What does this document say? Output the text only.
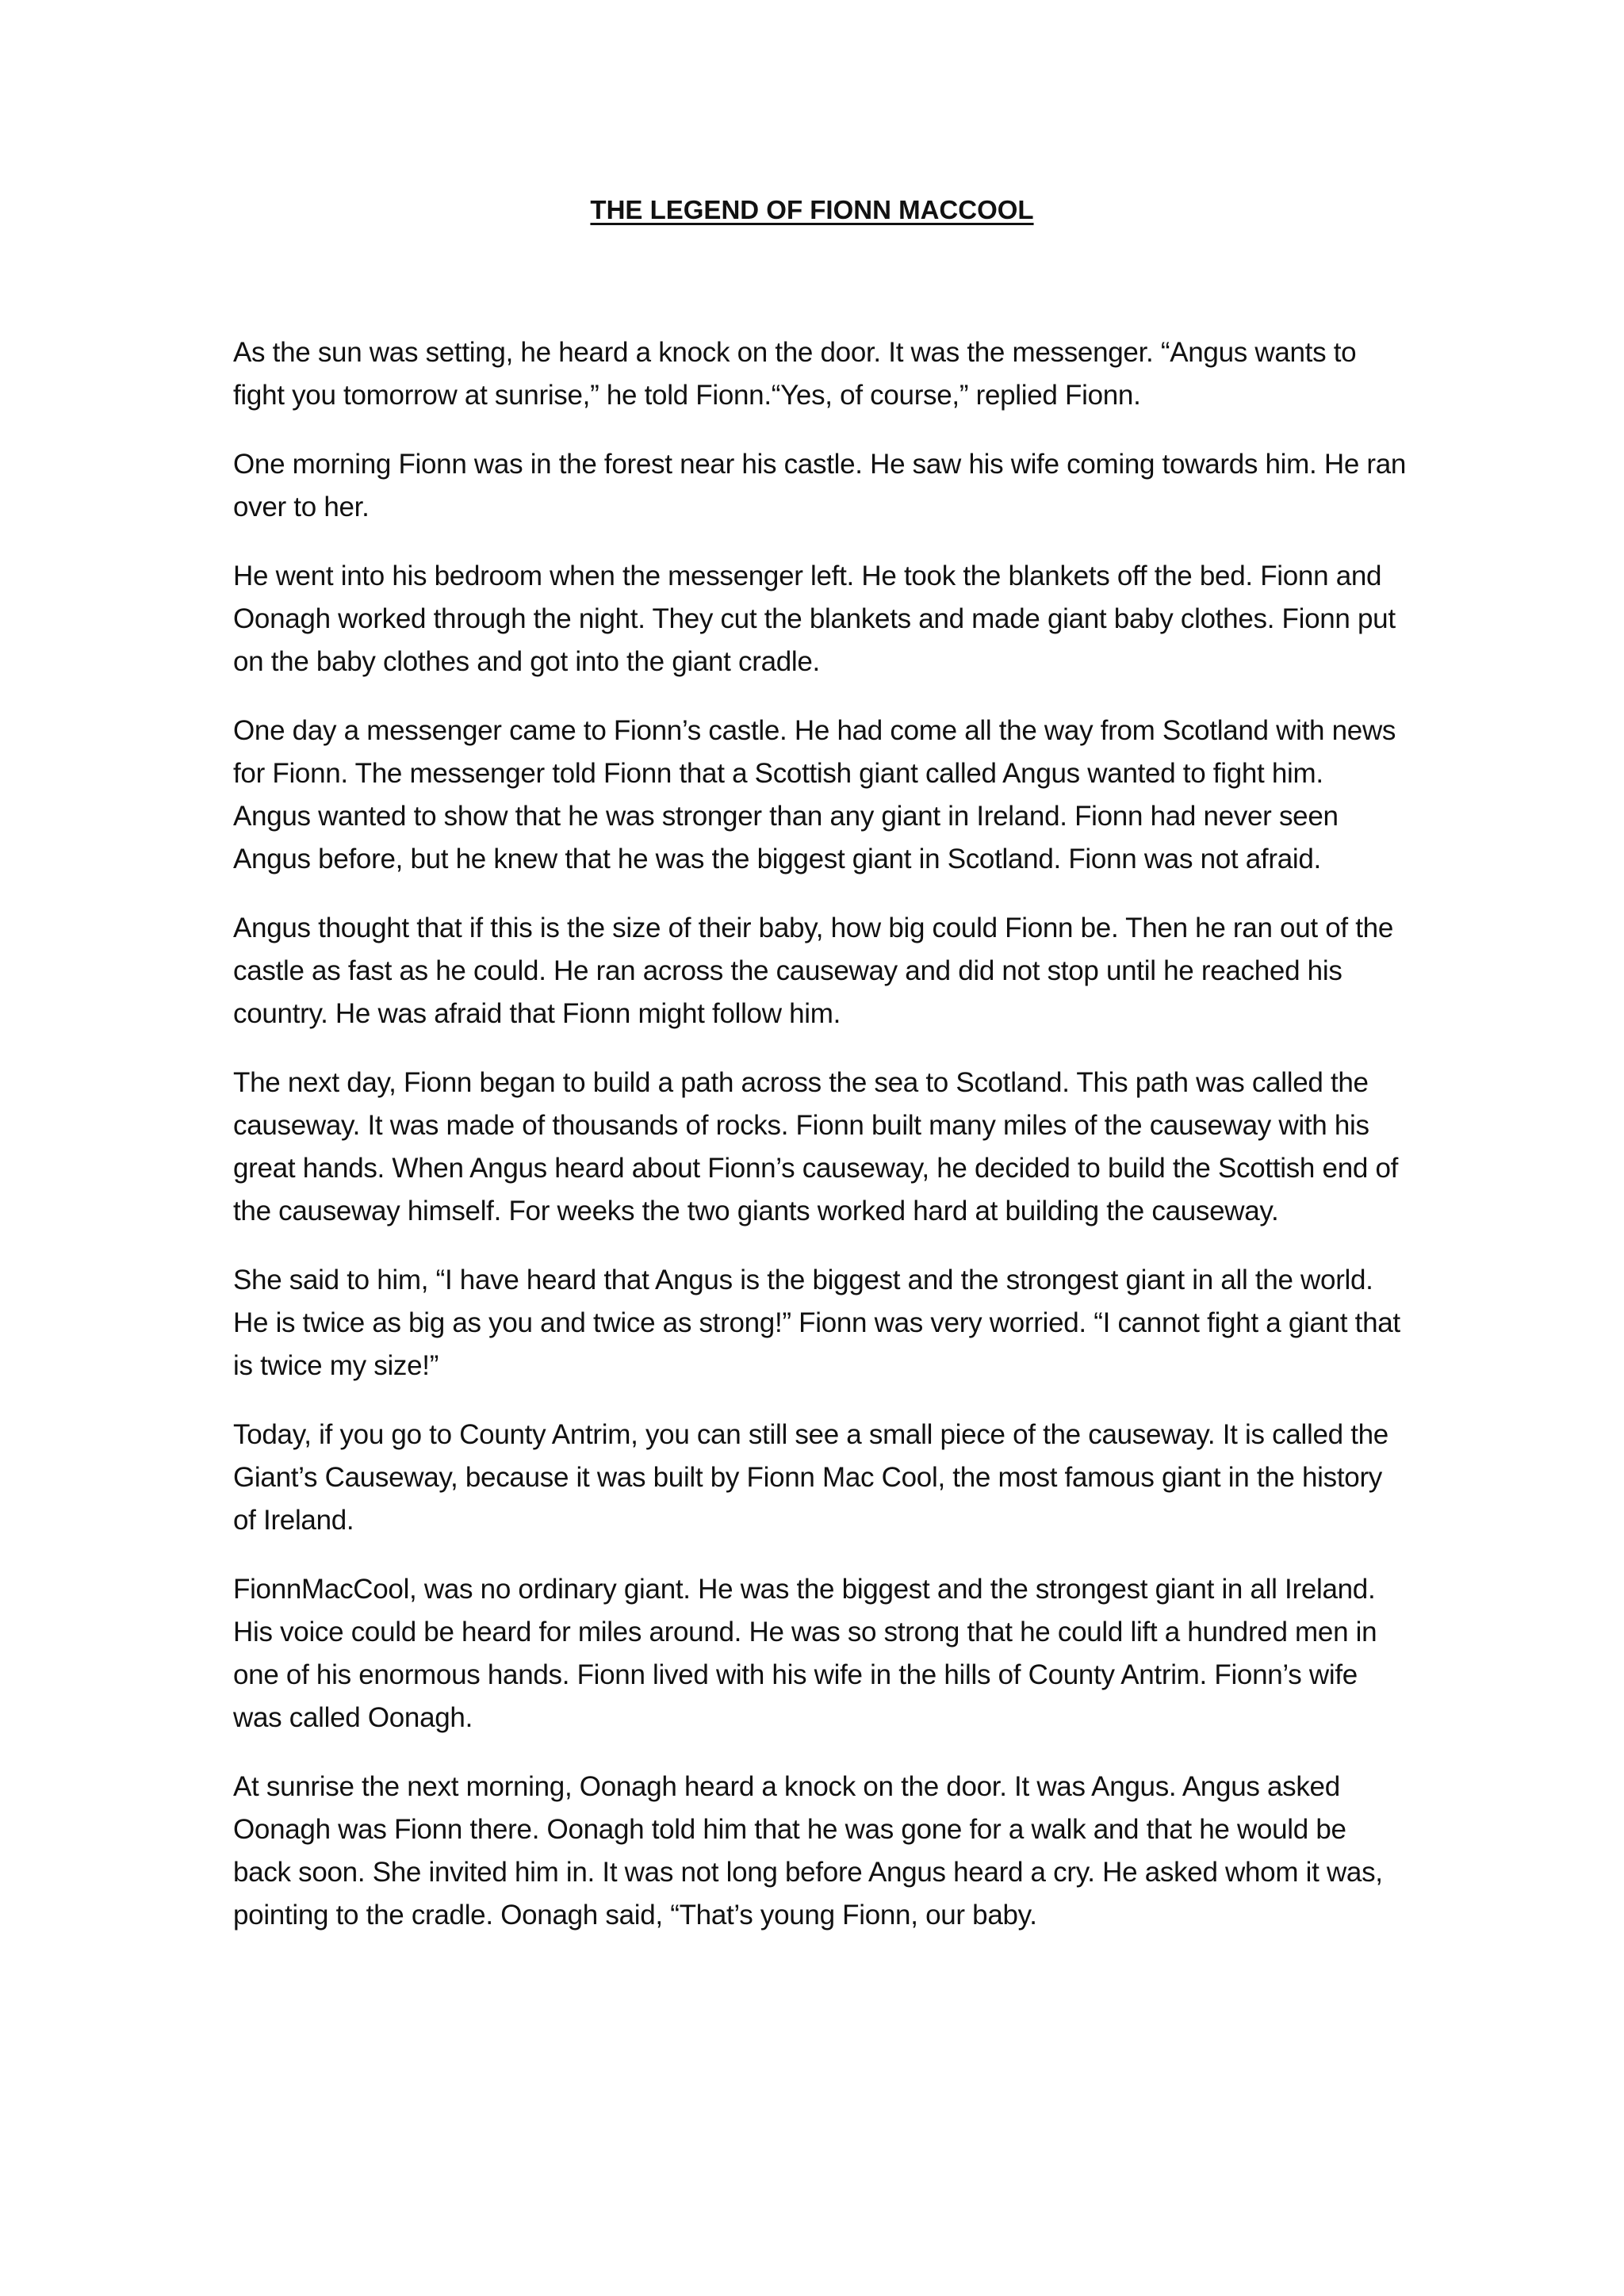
THE LEGEND OF FIONN MACCOOL

As the sun was setting, he heard a knock on the door. It was the messenger. “Angus wants to fight you tomorrow at sunrise,” he told Fionn.“Yes, of course,” replied Fionn.

One morning Fionn was in the forest near his castle. He saw his wife coming towards him. He ran over to her.

He went into his bedroom when the messenger left. He took the blankets off the bed. Fionn and Oonagh worked through the night. They cut the blankets and made giant baby clothes. Fionn put on the baby clothes and got into the giant cradle.

One day a messenger came to Fionn’s castle. He had come all the way from Scotland with news for Fionn. The messenger told Fionn that a Scottish giant called Angus wanted to fight him. Angus wanted to show that he was stronger than any giant in Ireland. Fionn had never seen Angus before, but he knew that he was the biggest giant in Scotland. Fionn was not afraid.

Angus thought that if this is the size of their baby, how big could Fionn be. Then he ran out of the castle as fast as he could. He ran across the causeway and did not stop until he reached his country. He was afraid that Fionn might follow him.

The next day, Fionn began to build a path across the sea to Scotland. This path was called the causeway. It was made of thousands of rocks. Fionn built many miles of the causeway with his great hands. When Angus heard about Fionn’s causeway, he decided to build the Scottish end of the causeway himself. For weeks the two giants worked hard at building the causeway.

She said to him, “I have heard that Angus is the biggest and the strongest giant in all the world. He is twice as big as you and twice as strong!” Fionn was very worried. “I cannot fight a giant that is twice my size!”

Today, if you go to County Antrim, you can still see a small piece of the causeway. It is called the Giant’s Causeway, because it was built by Fionn Mac Cool, the most famous giant in the history of Ireland.

FionnMacCool, was no ordinary giant. He was the biggest and the strongest giant in all Ireland. His voice could be heard for miles around. He was so strong that he could lift a hundred men in one of his enormous hands. Fionn lived with his wife in the hills of County Antrim. Fionn’s wife was called Oonagh.

At sunrise the next morning, Oonagh heard a knock on the door. It was Angus. Angus asked Oonagh was Fionn there. Oonagh told him that he was gone for a walk and that he would be back soon. She invited him in. It was not long before Angus heard a cry. He asked whom it was, pointing to the cradle. Oonagh said, “That’s young Fionn, our baby.
